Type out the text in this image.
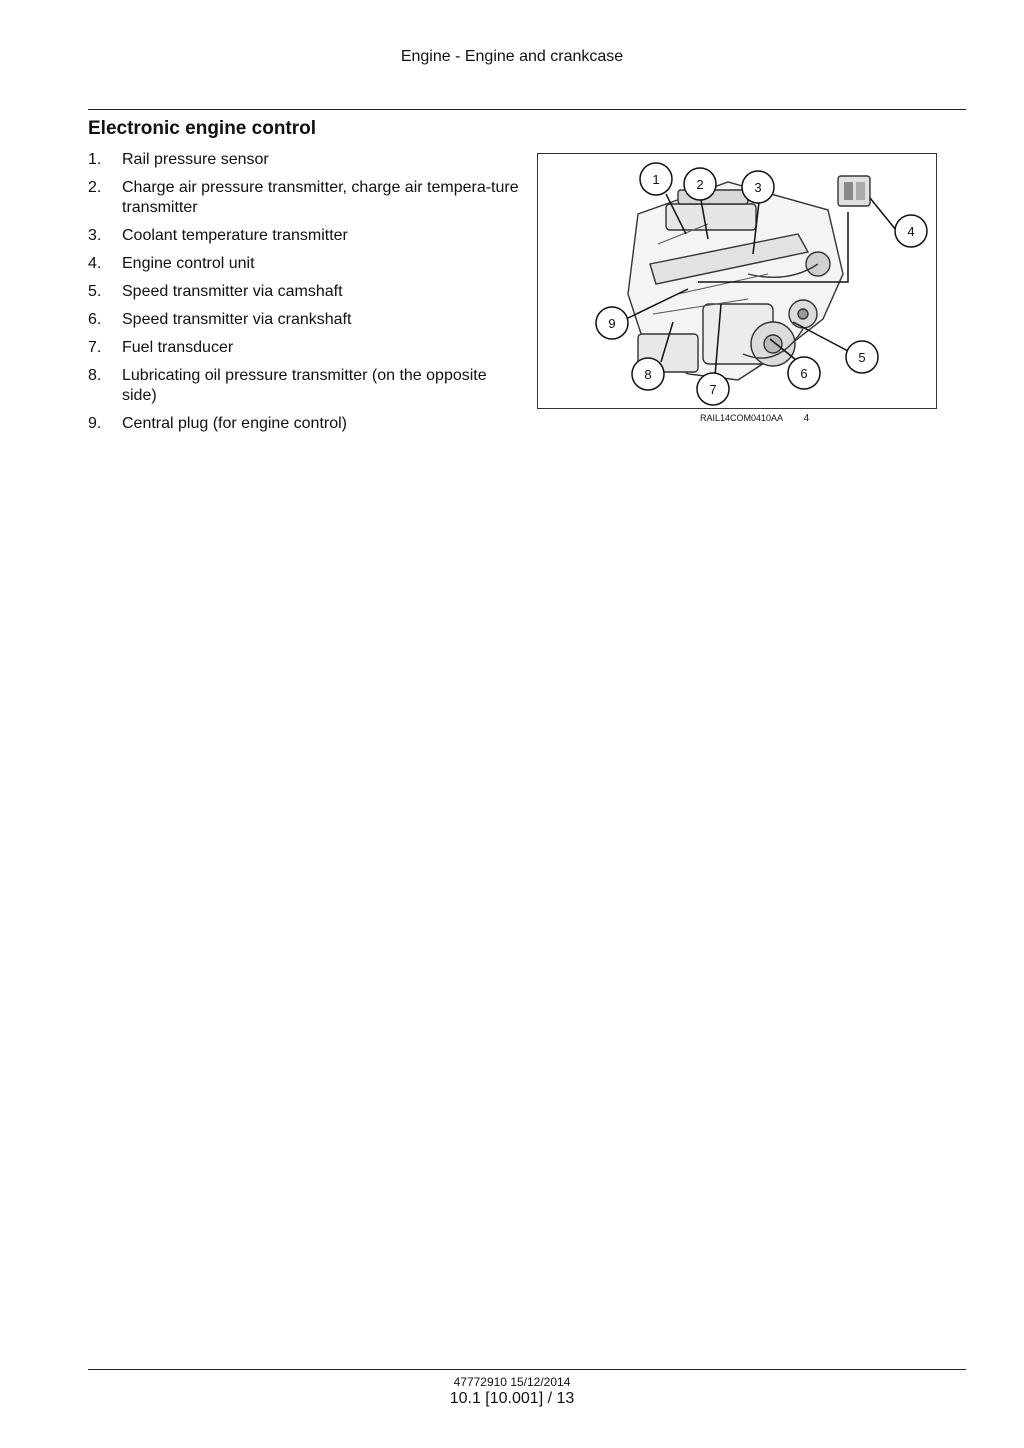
Engine - Engine and crankcase
Electronic engine control
1. Rail pressure sensor
2. Charge air pressure transmitter, charge air tempera-ture transmitter
3. Coolant temperature transmitter
4. Engine control unit
5. Speed transmitter via camshaft
6. Speed transmitter via crankshaft
7. Fuel transducer
8. Lubricating oil pressure transmitter (on the opposite side)
9. Central plug (for engine control)
1	2	3
4
5
6
7
8
9
RAIL14COM0410AA 4
47772910 15/12/2014
10.1 [10.001] / 13
